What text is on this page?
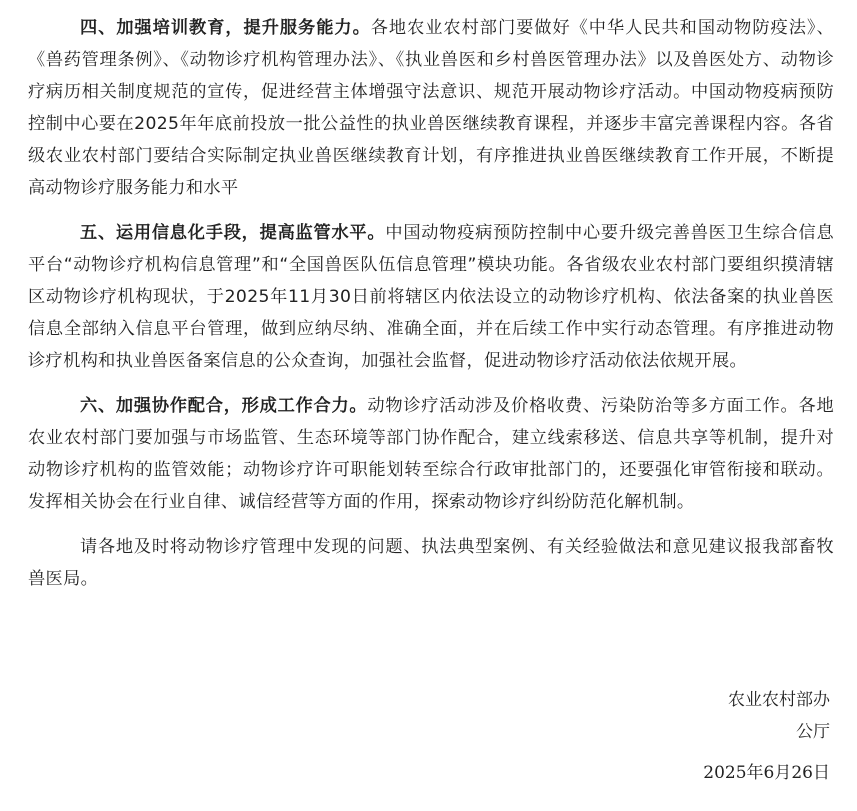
四、加强培训教育，提升服务能力。各地农业农村部门要做好《中华人民共和国动物防疫法》、《兽药管理条例》、《动物诊疗机构管理办法》、《执业兽医和乡村兽医管理办法》以及兽医处方、动物诊疗病历相关制度规范的宣传，促进经营主体增强守法意识、规范开展动物诊疗活动。中国动物疫病预防控制中心要在2025年年底前投放一批公益性的执业兽医继续教育课程，并逐步丰富完善课程内容。各省级农业农村部门要结合实际制定执业兽医继续教育计划，有序推进执业兽医继续教育工作开展，不断提高动物诊疗服务能力和水平

五、运用信息化手段，提高监管水平。中国动物疫病预防控制中心要升级完善兽医卫生综合信息平台“动物诊疗机构信息管理”和“全国兽医队伍信息管理”模块功能。各省级农业农村部门要组织摸清辖区动物诊疗机构现状，于2025年11月30日前将辖区内依法设立的动物诊疗机构、依法备案的执业兽医信息全部纳入信息平台管理，做到应纳尽纳、准确全面，并在后续工作中实行动态管理。有序推进动物诊疗机构和执业兽医备案信息的公众查询，加强社会监督，促进动物诊疗活动依法依规开展。

六、加强协作配合，形成工作合力。动物诊疗活动涉及价格收费、污染防治等多方面工作。各地农业农村部门要加强与市场监管、生态环境等部门协作配合，建立线索移送、信息共享等机制，提升对动物诊疗机构的监管效能；动物诊疗许可职能划转至综合行政审批部门的，还要强化审管衔接和联动。发挥相关协会在行业自律、诚信经营等方面的作用，探索动物诊疗纠纷防范化解机制。

请各地及时将动物诊疗管理中发现的问题、执法典型案例、有关经验做法和意见建议报我部畜牧兽医局。

农业农村部办
公厅
2025年6月26日
